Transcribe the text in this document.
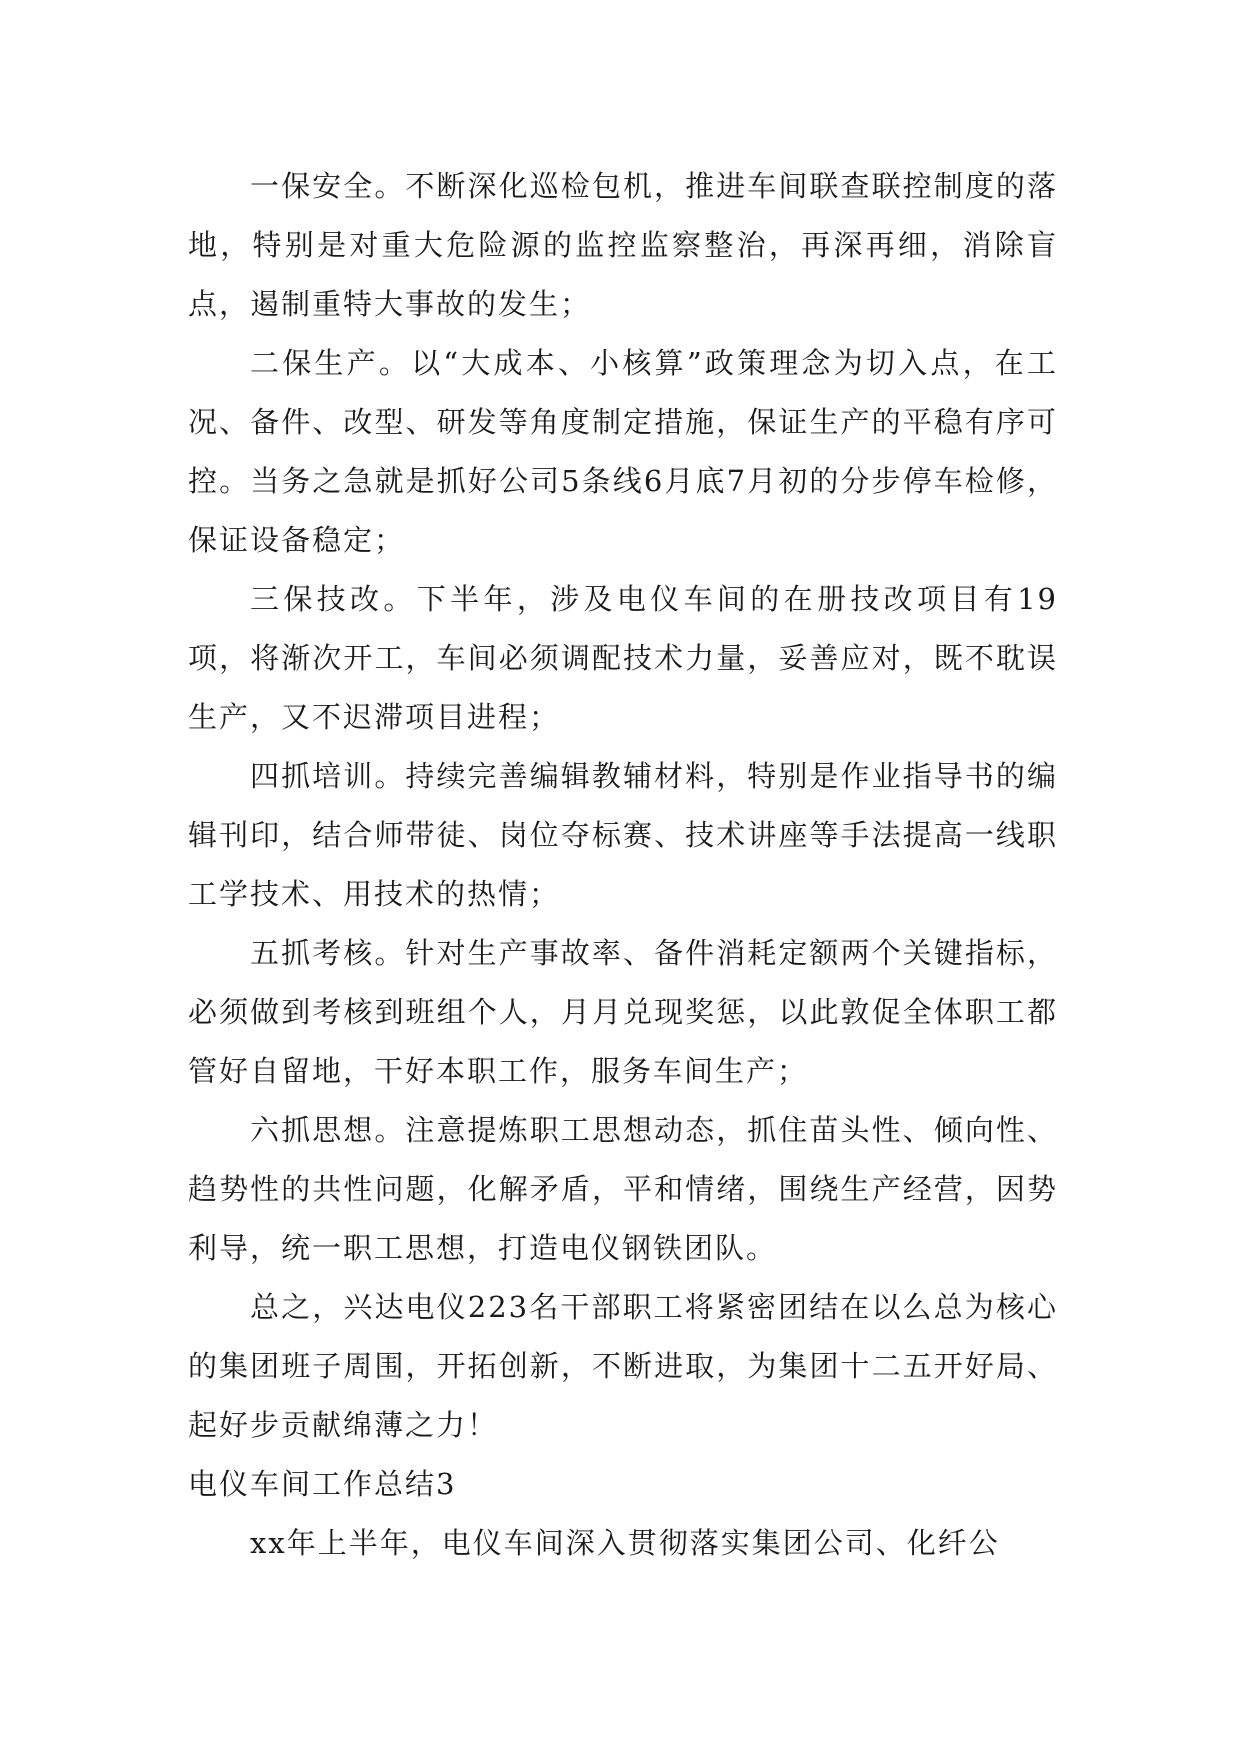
一保安全。不断深化巡检包机，推进车间联查联控制度的落地，特别是对重大危险源的监控监察整治，再深再细，消除盲点，遏制重特大事故的发生；

二保生产。以“大成本、小核算”政策理念为切入点，在工况、备件、改型、研发等角度制定措施，保证生产的平稳有序可控。当务之急就是抓好公司5条线6月底7月初的分步停车检修，保证设备稳定；

三保技改。下半年，涉及电仪车间的在册技改项目有19项，将渐次开工，车间必须调配技术力量，妥善应对，既不耽误生产，又不迟滞项目进程；

四抓培训。持续完善编辑教辅材料，特别是作业指导书的编辑刊印，结合师带徒、岗位夺标赛、技术讲座等手法提高一线职工学技术、用技术的热情；

五抓考核。针对生产事故率、备件消耗定额两个关键指标，必须做到考核到班组个人，月月兑现奖惩，以此敦促全体职工都管好自留地，干好本职工作，服务车间生产；

六抓思想。注意提炼职工思想动态，抓住苗头性、倾向性、趋势性的共性问题，化解矛盾，平和情绪，围绕生产经营，因势利导，统一职工思想，打造电仪钢铁团队。

总之，兴达电仪223名干部职工将紧密团结在以么总为核心的集团班子周围，开拓创新，不断进取，为集团十二五开好局、起好步贡献绵薄之力！

电仪车间工作总结3

xx年上半年，电仪车间深入贯彻落实集团公司、化纤公
